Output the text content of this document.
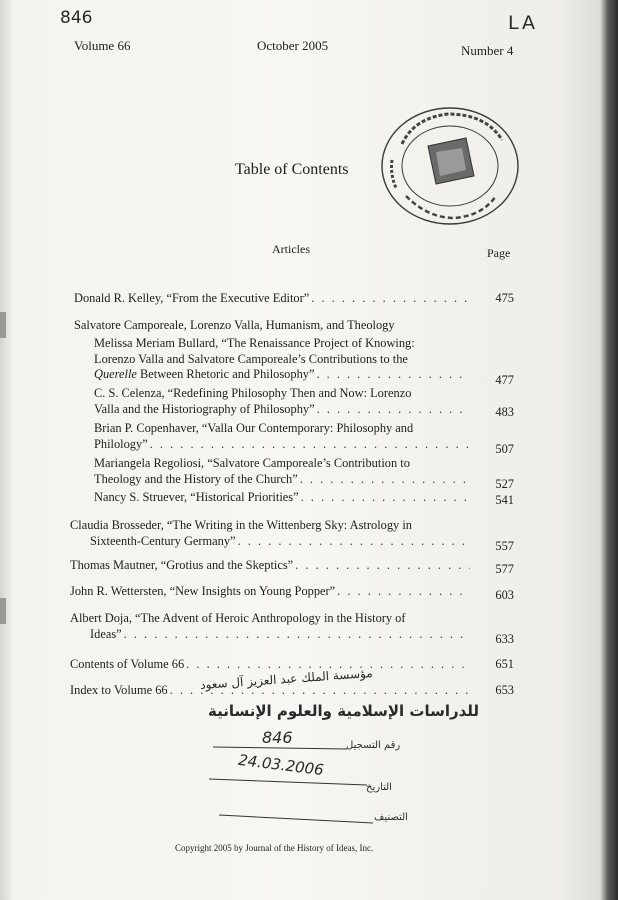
846	LA
Volume 66	October 2005	Number 4
Table of Contents
Articles	Page
Donald R. Kelley, “From the Executive Editor” . . .	475
Salvatore Camporeale, Lorenzo Valla, Humanism, and Theology
Melissa Meriam Bullard, “The Renaissance Project of Knowing:
Lorenzo Valla and Salvatore Camporeale’s Contributions to the
Querelle Between Rhetoric and Philosophy” . . .	477
C. S. Celenza, “Redefining Philosophy Then and Now: Lorenzo
Valla and the Historiography of Philosophy” . . .	483
Brian P. Copenhaver, “Valla Our Contemporary: Philosophy and
Philology” . . .	507
Mariangela Regoliosi, “Salvatore Camporeale’s Contribution to
Theology and the History of the Church” . . .	527
Nancy S. Struever, “Historical Priorities” . . .	541
Claudia Brosseder, “The Writing in the Wittenberg Sky: Astrology in
Sixteenth-Century Germany” . . .	557
Thomas Mautner, “Grotius and the Skeptics” . . .	577
John R. Wettersten, “New Insights on Young Popper” . . .	603
Albert Doja, “The Advent of Heroic Anthropology in the History of
Ideas” . . .	633
Contents of Volume 66 . . .	651
Index to Volume 66 . . .	653
مؤسسة الملك عبد العزيز آل سعود
للدراسات الإسلامية والعلوم الإنسانية
رقم التسجيل
846
24.03.2006
التاريخ
التصنيف
Copyright 2005 by Journal of the History of Ideas, Inc.
